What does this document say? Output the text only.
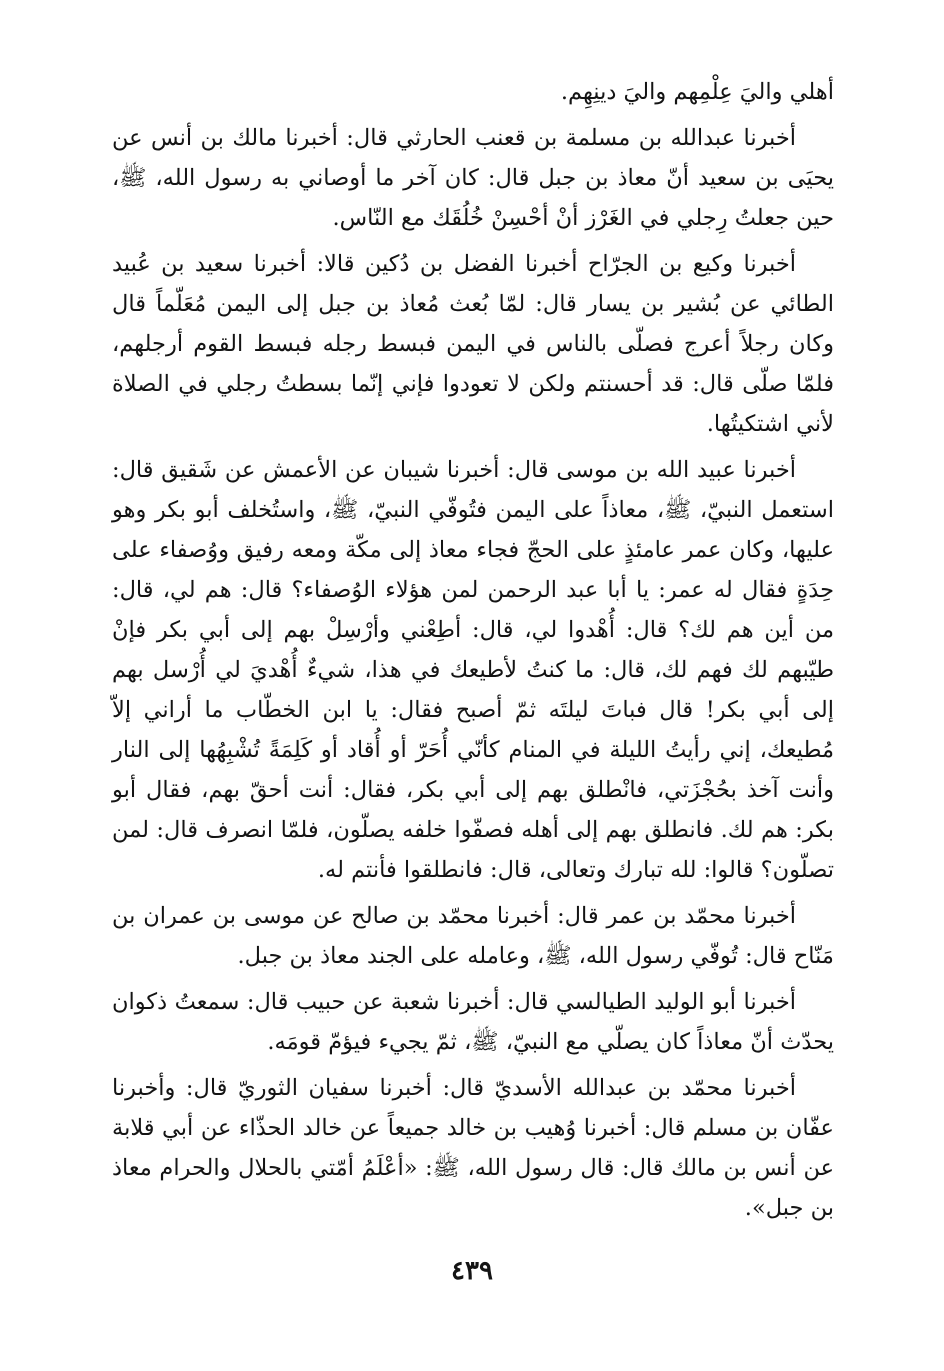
أهلي واليَ عِلْمِهم واليَ دينِهِم.

أخبرنا عبدالله بن مسلمة بن قعنب الحارثي قال: أخبرنا مالك بن أنس عن يحيَى بن سعيد أنّ معاذ بن جبل قال: كان آخر ما أوصاني به رسول الله، ﷺ، حين جعلتُ رِجلي في الغَرْز أنْ أحْسِنْ خُلُقَك مع النّاس.

أخبرنا وكيع بن الجرّاح أخبرنا الفضل بن دُكين قالا: أخبرنا سعيد بن عُبيد الطائي عن بُشير بن يسار قال: لمّا بُعث مُعاذ بن جبل إلى اليمن مُعَلّماً قال وكان رجلاً أعرج فصلّى بالناس في اليمن فبسط رجله فبسط القوم أرجلهم، فلمّا صلّى قال: قد أحسنتم ولكن لا تعودوا فإني إنّما بسطتُ رجلي في الصلاة لأني اشتكيتُها.

أخبرنا عبيد الله بن موسى قال: أخبرنا شيبان عن الأعمش عن شَقيق قال: استعمل النبيّ، ﷺ، معاذاً على اليمن فتُوفّي النبيّ، ﷺ، واستُخلف أبو بكر وهو عليها، وكان عمر عامئذٍ على الحجّ فجاء معاذ إلى مكّة ومعه رفيق ووُصفاء على حِدَةٍ فقال له عمر: يا أبا عبد الرحمن لمن هؤلاء الوُصفاء؟ قال: هم لي، قال: من أين هم لك؟ قال: أُهْدوا لي، قال: أطِعْني وأرْسِلْ بهم إلى أبي بكر فإنْ طيّبهم لك فهم لك، قال: ما كنتُ لأطيعك في هذا، شيءٌ أُهْديَ لي أُرْسل بهم إلى أبي بكر! قال فباتَ ليلتَه ثمّ أصبح فقال: يا ابن الخطّاب ما أراني إلاّ مُطيعك، إني رأيتُ الليلة في المنام كأنّي أُحَرّ أو أُقاد أو كَلِمَةً تُشْبِهُها إلى النار وأنت آخذ بحُجْزَتي، فانْطلق بهم إلى أبي بكر، فقال: أنت أحقّ بهم، فقال أبو بكر: هم لك. فانطلق بهم إلى أهله فصفّوا خلفه يصلّون، فلمّا انصرف قال: لمن تصلّون؟ قالوا: لله تبارك وتعالى، قال: فانطلقوا فأنتم له.

أخبرنا محمّد بن عمر قال: أخبرنا محمّد بن صالح عن موسى بن عمران بن مَنّاح قال: تُوفّي رسول الله، ﷺ، وعامله على الجند معاذ بن جبل.

أخبرنا أبو الوليد الطيالسي قال: أخبرنا شعبة عن حبيب قال: سمعتُ ذكوان يحدّث أنّ معاذاً كان يصلّي مع النبيّ، ﷺ، ثمّ يجيء فيؤمّ قومَه.

أخبرنا محمّد بن عبدالله الأسديّ قال: أخبرنا سفيان الثوريّ قال: وأخبرنا عفّان بن مسلم قال: أخبرنا وُهيب بن خالد جميعاً عن خالد الحذّاء عن أبي قلابة عن أنس بن مالك قال: قال رسول الله، ﷺ: «أعْلَمُ أمّتي بالحلال والحرام معاذ بن جبل».

٤٣٩
